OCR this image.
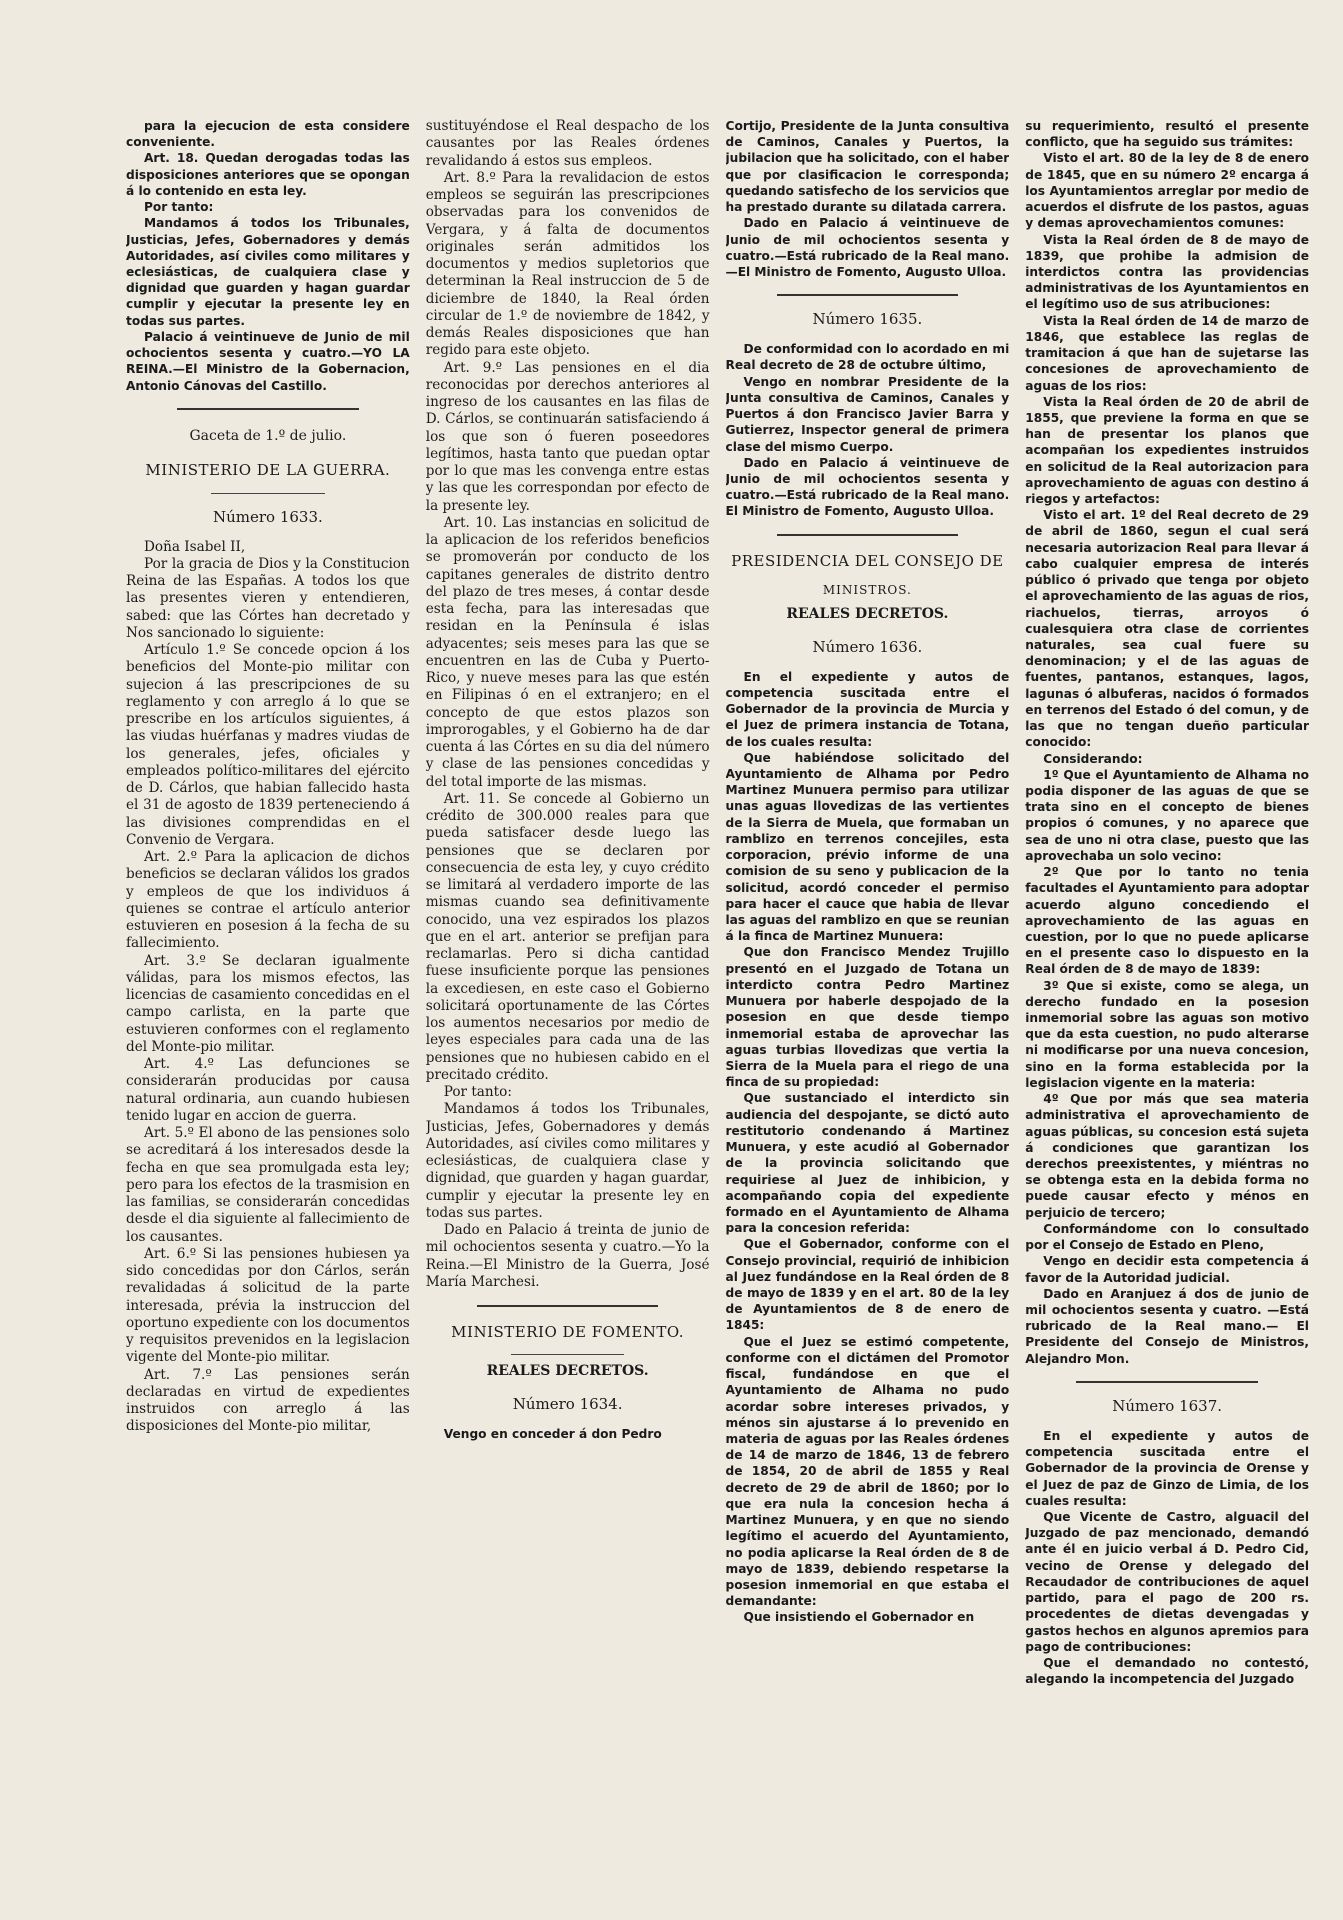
para la ejecucion de esta considere conveniente.

Art. 18. Quedan derogadas todas las disposiciones anteriores que se opongan á lo contenido en esta ley.

Por tanto:

Mandamos á todos los Tribunales, Justicias, Jefes, Gobernadores y demás Autoridades, así civiles como militares y eclesiásticas, de cualquiera clase y dignidad que guarden y hagan guardar cumplir y ejecutar la presente ley en todas sus partes.

Palacio á veintinueve de Junio de mil ochocientos sesenta y cuatro.—YO LA REINA.—El Ministro de la Gobernacion, Antonio Cánovas del Castillo.

Gaceta de 1.º de julio.

MINISTERIO DE LA GUERRA.

Número 1633.

Doña Isabel II,

Por la gracia de Dios y la Constitucion Reina de las Españas. A todos los que las presentes vieren y entendieren, sabed: que las Córtes han decretado y Nos sancionado lo siguiente:

Artículo 1.º Se concede opcion á los beneficios del Monte-pio militar con sujecion á las prescripciones de su reglamento y con arreglo á lo que se prescribe en los artículos siguientes, á las viudas huérfanas y madres viudas de los generales, jefes, oficiales y empleados político-militares del ejército de D. Cárlos, que habian fallecido hasta el 31 de agosto de 1839 perteneciendo á las divisiones comprendidas en el Convenio de Vergara.

Art. 2.º Para la aplicacion de dichos beneficios se declaran válidos los grados y empleos de que los individuos á quienes se contrae el artículo anterior estuvieren en posesion á la fecha de su fallecimiento.

Art. 3.º Se declaran igualmente válidas, para los mismos efectos, las licencias de casamiento concedidas en el campo carlista, en la parte que estuvieren conformes con el reglamento del Monte-pio militar.

Art. 4.º Las defunciones se considerarán producidas por causa natural ordinaria, aun cuando hubiesen tenido lugar en accion de guerra.

Art. 5.º El abono de las pensiones solo se acreditará á los interesados desde la fecha en que sea promulgada esta ley; pero para los efectos de la trasmision en las familias, se considerarán concedidas desde el dia siguiente al fallecimiento de los causantes.

Art. 6.º Si las pensiones hubiesen ya sido concedidas por don Cárlos, serán revalidadas á solicitud de la parte interesada, prévia la instruccion del oportuno expediente con los documentos y requisitos prevenidos en la legislacion vigente del Monte-pio militar.

Art. 7.º Las pensiones serán declaradas en virtud de expedientes instruidos con arreglo á las disposiciones del Monte-pio militar,

sustituyéndose el Real despacho de los causantes por las Reales órdenes revalidando á estos sus empleos.

Art. 8.º Para la revalidacion de estos empleos se seguirán las prescripciones observadas para los convenidos de Vergara, y á falta de documentos originales serán admitidos los documentos y medios supletorios que determinan la Real instruccion de 5 de diciembre de 1840, la Real órden circular de 1.º de noviembre de 1842, y demás Reales disposiciones que han regido para este objeto.

Art. 9.º Las pensiones en el dia reconocidas por derechos anteriores al ingreso de los causantes en las filas de D. Cárlos, se continuarán satisfaciendo á los que son ó fueren poseedores legítimos, hasta tanto que puedan optar por lo que mas les convenga entre estas y las que les correspondan por efecto de la presente ley.

Art. 10. Las instancias en solicitud de la aplicacion de los referidos beneficios se promoverán por conducto de los capitanes generales de distrito dentro del plazo de tres meses, á contar desde esta fecha, para las interesadas que residan en la Península é islas adyacentes; seis meses para las que se encuentren en las de Cuba y Puerto-Rico, y nueve meses para las que estén en Filipinas ó en el extranjero; en el concepto de que estos plazos son improrogables, y el Gobierno ha de dar cuenta á las Córtes en su dia del número y clase de las pensiones concedidas y del total importe de las mismas.

Art. 11. Se concede al Gobierno un crédito de 300.000 reales para que pueda satisfacer desde luego las pensiones que se declaren por consecuencia de esta ley, y cuyo crédito se limitará al verdadero importe de las mismas cuando sea definitivamente conocido, una vez espirados los plazos que en el art. anterior se prefijan para reclamarlas. Pero si dicha cantidad fuese insuficiente porque las pensiones la excediesen, en este caso el Gobierno solicitará oportunamente de las Córtes los aumentos necesarios por medio de leyes especiales para cada una de las pensiones que no hubiesen cabido en el precitado crédito.

Por tanto:

Mandamos á todos los Tribunales, Justicias, Jefes, Gobernadores y demás Autoridades, así civiles como militares y eclesiásticas, de cualquiera clase y dignidad, que guarden y hagan guardar, cumplir y ejecutar la presente ley en todas sus partes.

Dado en Palacio á treinta de junio de mil ochocientos sesenta y cuatro.—Yo la Reina.—El Ministro de la Guerra, José María Marchesi.

MINISTERIO DE FOMENTO.

REALES DECRETOS.

Número 1634.

Vengo en conceder á don Pedro

Cortijo, Presidente de la Junta consultiva de Caminos, Canales y Puertos, la jubilacion que ha solicitado, con el haber que por clasificacion le corresponda; quedando satisfecho de los servicios que ha prestado durante su dilatada carrera.

Dado en Palacio á veintinueve de Junio de mil ochocientos sesenta y cuatro.—Está rubricado de la Real mano.—El Ministro de Fomento, Augusto Ulloa.

Número 1635.

De conformidad con lo acordado en mi Real decreto de 28 de octubre último,

Vengo en nombrar Presidente de la Junta consultiva de Caminos, Canales y Puertos á don Francisco Javier Barra y Gutierrez, Inspector general de primera clase del mismo Cuerpo.

Dado en Palacio á veintinueve de Junio de mil ochocientos sesenta y cuatro.—Está rubricado de la Real mano. El Ministro de Fomento, Augusto Ulloa.

PRESIDENCIA DEL CONSEJO DE

MINISTROS.

REALES DECRETOS.

Número 1636.

En el expediente y autos de competencia suscitada entre el Gobernador de la provincia de Murcia y el Juez de primera instancia de Totana, de los cuales resulta:

Que habiéndose solicitado del Ayuntamiento de Alhama por Pedro Martinez Munuera permiso para utilizar unas aguas llovedizas de las vertientes de la Sierra de Muela, que formaban un ramblizo en terrenos concejiles, esta corporacion, prévio informe de una comision de su seno y publicacion de la solicitud, acordó conceder el permiso para hacer el cauce que habia de llevar las aguas del ramblizo en que se reunian á la finca de Martinez Munuera:

Que don Francisco Mendez Trujillo presentó en el Juzgado de Totana un interdicto contra Pedro Martinez Munuera por haberle despojado de la posesion en que desde tiempo inmemorial estaba de aprovechar las aguas turbias llovedizas que vertia la Sierra de la Muela para el riego de una finca de su propiedad:

Que sustanciado el interdicto sin audiencia del despojante, se dictó auto restitutorio condenando á Martinez Munuera, y este acudió al Gobernador de la provincia solicitando que requiriese al Juez de inhibicion, y acompañando copia del expediente formado en el Ayuntamiento de Alhama para la concesion referida:

Que el Gobernador, conforme con el Consejo provincial, requirió de inhibicion al Juez fundándose en la Real órden de 8 de mayo de 1839 y en el art. 80 de la ley de Ayuntamientos de 8 de enero de 1845:

Que el Juez se estimó competente, conforme con el dictámen del Promotor fiscal, fundándose en que el Ayuntamiento de Alhama no pudo acordar sobre intereses privados, y ménos sin ajustarse á lo prevenido en materia de aguas por las Reales órdenes de 14 de marzo de 1846, 13 de febrero de 1854, 20 de abril de 1855 y Real decreto de 29 de abril de 1860; por lo que era nula la concesion hecha á Martinez Munuera, y en que no siendo legítimo el acuerdo del Ayuntamiento, no podia aplicarse la Real órden de 8 de mayo de 1839, debiendo respetarse la posesion inmemorial en que estaba el demandante:

Que insistiendo el Gobernador en

su requerimiento, resultó el presente conflicto, que ha seguido sus trámites:

Visto el art. 80 de la ley de 8 de enero de 1845, que en su número 2º encarga á los Ayuntamientos arreglar por medio de acuerdos el disfrute de los pastos, aguas y demas aprovechamientos comunes:

Vista la Real órden de 8 de mayo de 1839, que prohibe la admision de interdictos contra las providencias administrativas de los Ayuntamientos en el legítimo uso de sus atribuciones:

Vista la Real órden de 14 de marzo de 1846, que establece las reglas de tramitacion á que han de sujetarse las concesiones de aprovechamiento de aguas de los rios:

Vista la Real órden de 20 de abril de 1855, que previene la forma en que se han de presentar los planos que acompañan los expedientes instruidos en solicitud de la Real autorizacion para aprovechamiento de aguas con destino á riegos y artefactos:

Visto el art. 1º del Real decreto de 29 de abril de 1860, segun el cual será necesaria autorizacion Real para llevar á cabo cualquier empresa de interés público ó privado que tenga por objeto el aprovechamiento de las aguas de rios, riachuelos, tierras, arroyos ó cualesquiera otra clase de corrientes naturales, sea cual fuere su denominacion; y el de las aguas de fuentes, pantanos, estanques, lagos, lagunas ó albuferas, nacidos ó formados en terrenos del Estado ó del comun, y de las que no tengan dueño particular conocido:

Considerando:

1º Que el Ayuntamiento de Alhama no podia disponer de las aguas de que se trata sino en el concepto de bienes propios ó comunes, y no aparece que sea de uno ni otra clase, puesto que las aprovechaba un solo vecino:

2º Que por lo tanto no tenia facultades el Ayuntamiento para adoptar acuerdo alguno concediendo el aprovechamiento de las aguas en cuestion, por lo que no puede aplicarse en el presente caso lo dispuesto en la Real órden de 8 de mayo de 1839:

3º Que si existe, como se alega, un derecho fundado en la posesion inmemorial sobre las aguas son motivo que da esta cuestion, no pudo alterarse ni modificarse por una nueva concesion, sino en la forma establecida por la legislacion vigente en la materia:

4º Que por más que sea materia administrativa el aprovechamiento de aguas públicas, su concesion está sujeta á condiciones que garantizan los derechos preexistentes, y miéntras no se obtenga esta en la debida forma no puede causar efecto y ménos en perjuicio de tercero;

Conformándome con lo consultado por el Consejo de Estado en Pleno,

Vengo en decidir esta competencia á favor de la Autoridad judicial.

Dado en Aranjuez á dos de junio de mil ochocientos sesenta y cuatro. —Está rubricado de la Real mano.— El Presidente del Consejo de Ministros, Alejandro Mon.

Número 1637.

En el expediente y autos de competencia suscitada entre el Gobernador de la provincia de Orense y el Juez de paz de Ginzo de Limia, de los cuales resulta:

Que Vicente de Castro, alguacil del Juzgado de paz mencionado, demandó ante él en juicio verbal á D. Pedro Cid, vecino de Orense y delegado del Recaudador de contribuciones de aquel partido, para el pago de 200 rs. procedentes de dietas devengadas y gastos hechos en algunos apremios para pago de contribuciones:

Que el demandado no contestó, alegando la incompetencia del Juzgado
